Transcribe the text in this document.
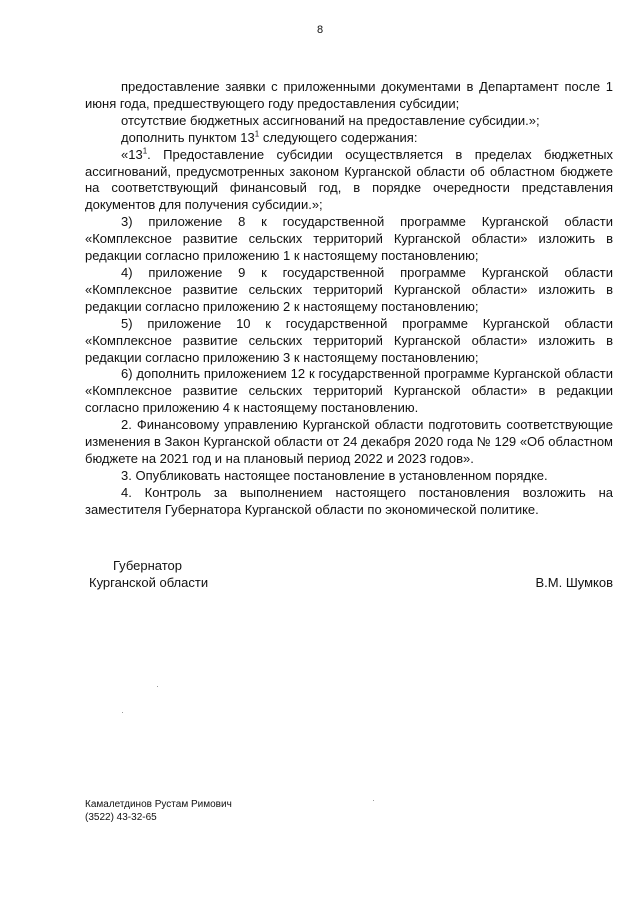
8

предоставление заявки с приложенными документами в Департамент после 1 июня года, предшествующего году предоставления субсидии;

отсутствие бюджетных ассигнований на предоставление субсидии.»;

дополнить пунктом $13^1$ следующего содержания:

«$13^1$. Предоставление субсидии осуществляется в пределах бюджетных ассигнований, предусмотренных законом Курганской области об областном бюджете на соответствующий финансовый год, в порядке очередности представления документов для получения субсидии.»;

3) приложение 8 к государственной программе Курганской области «Комплексное развитие сельских территорий Курганской области» изложить в редакции согласно приложению 1 к настоящему постановлению;

4) приложение 9 к государственной программе Курганской области «Комплексное развитие сельских территорий Курганской области» изложить в редакции согласно приложению 2 к настоящему постановлению;

5) приложение 10 к государственной программе Курганской области «Комплексное развитие сельских территорий Курганской области» изложить в редакции согласно приложению 3 к настоящему постановлению;

6) дополнить приложением 12 к государственной программе Курганской области «Комплексное развитие сельских территорий Курганской области» в редакции согласно приложению 4 к настоящему постановлению.

2. Финансовому управлению Курганской области подготовить соответствующие изменения в Закон Курганской области от 24 декабря 2020 года № 129 «Об областном бюджете на 2021 год и на плановый период 2022 и 2023 годов».

3. Опубликовать настоящее постановление в установленном порядке.

4. Контроль за выполнением настоящего постановления возложить на заместителя Губернатора Курганской области по экономической политике.

Губернатор
Курганской области	В.М. Шумков
Камалетдинов Рустам Римович
(3522) 43-32-65
